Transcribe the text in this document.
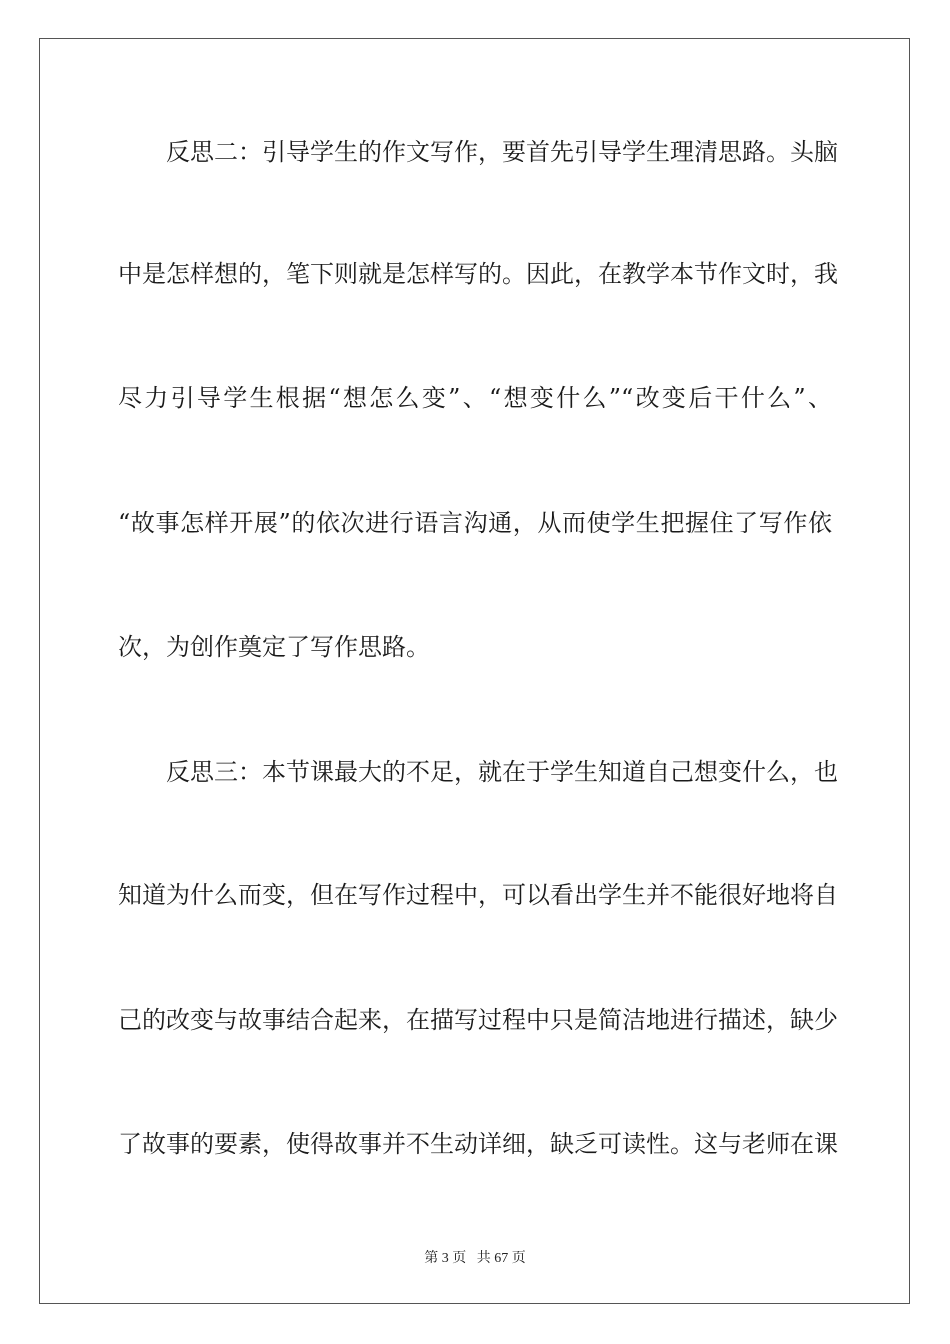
反思二：引导学生的作文写作，要首先引导学生理清思路。头脑
中是怎样想的，笔下则就是怎样写的。因此，在教学本节作文时，我
尽力引导学生根据“想怎么变”、“想变什么”“改变后干什么”、
“故事怎样开展”的依次进行语言沟通，从而使学生把握住了写作依
次，为创作奠定了写作思路。
反思三：本节课最大的不足，就在于学生知道自己想变什么，也
知道为什么而变，但在写作过程中，可以看出学生并不能很好地将自
己的改变与故事结合起来，在描写过程中只是简洁地进行描述，缺少
了故事的要素，使得故事并不生动详细，缺乏可读性。这与老师在课
第 3 页 共 67 页
